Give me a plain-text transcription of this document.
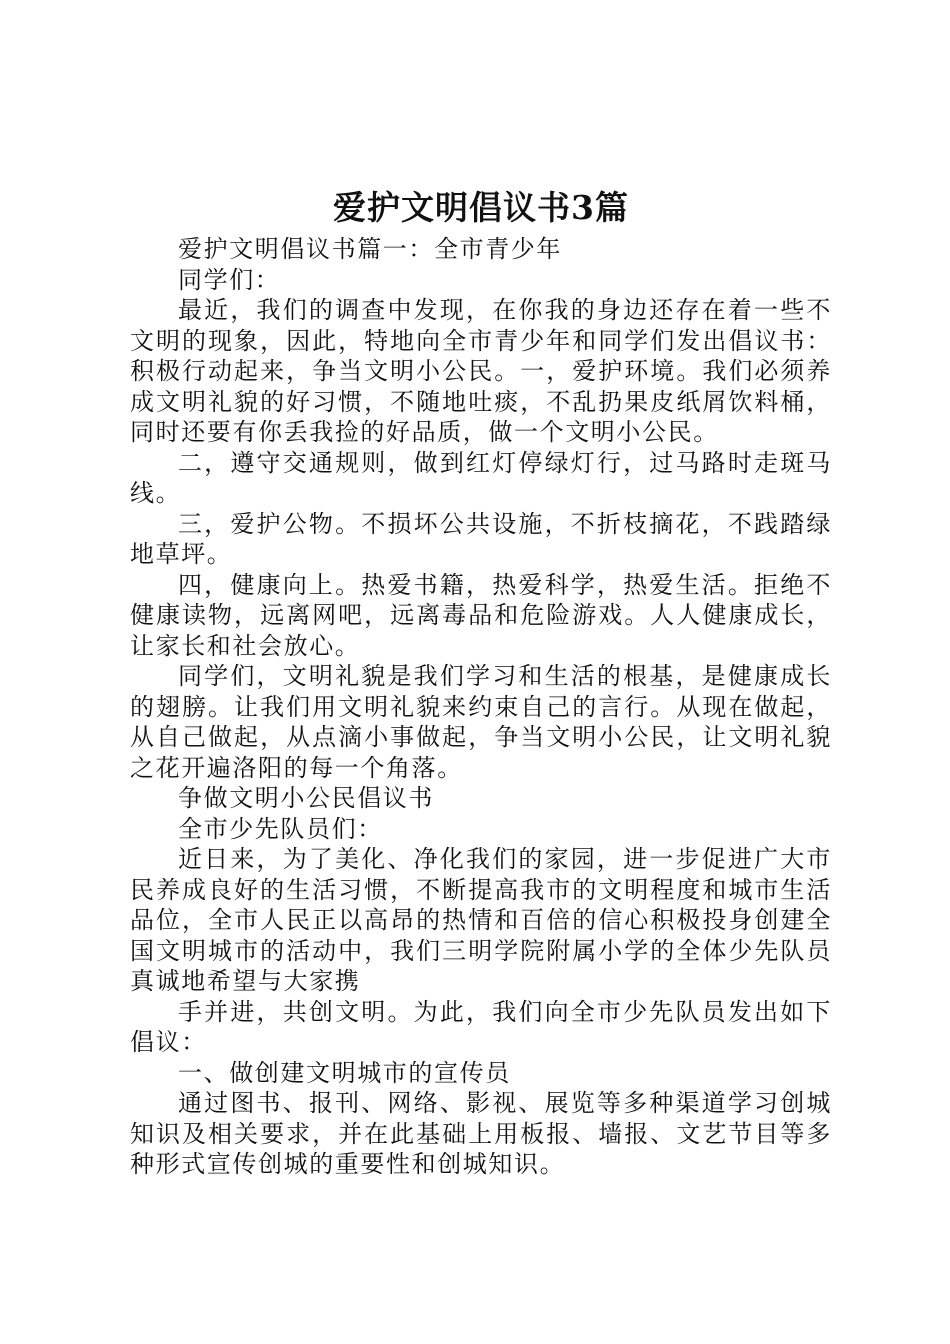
爱护文明倡议书3篇

爱护文明倡议书篇一：全市青少年

同学们：

最近，我们的调查中发现，在你我的身边还存在着一些不文明的现象，因此，特地向全市青少年和同学们发出倡议书：积极行动起来，争当文明小公民。一，爱护环境。我们必须养成文明礼貌的好习惯，不随地吐痰，不乱扔果皮纸屑饮料桶，同时还要有你丢我捡的好品质，做一个文明小公民。

二，遵守交通规则，做到红灯停绿灯行，过马路时走斑马线。

三，爱护公物。不损坏公共设施，不折枝摘花，不践踏绿地草坪。

四，健康向上。热爱书籍，热爱科学，热爱生活。拒绝不健康读物，远离网吧，远离毒品和危险游戏。人人健康成长，让家长和社会放心。

同学们，文明礼貌是我们学习和生活的根基，是健康成长的翅膀。让我们用文明礼貌来约束自己的言行。从现在做起，从自己做起，从点滴小事做起，争当文明小公民，让文明礼貌之花开遍洛阳的每一个角落。

争做文明小公民倡议书

全市少先队员们：

近日来，为了美化、净化我们的家园，进一步促进广大市民养成良好的生活习惯，不断提高我市的文明程度和城市生活品位，全市人民正以高昂的热情和百倍的信心积极投身创建全国文明城市的活动中，我们三明学院附属小学的全体少先队员真诚地希望与大家携

手并进，共创文明。为此，我们向全市少先队员发出如下倡议：

一、做创建文明城市的宣传员

通过图书、报刊、网络、影视、展览等多种渠道学习创城知识及相关要求，并在此基础上用板报、墙报、文艺节目等多种形式宣传创城的重要性和创城知识。
